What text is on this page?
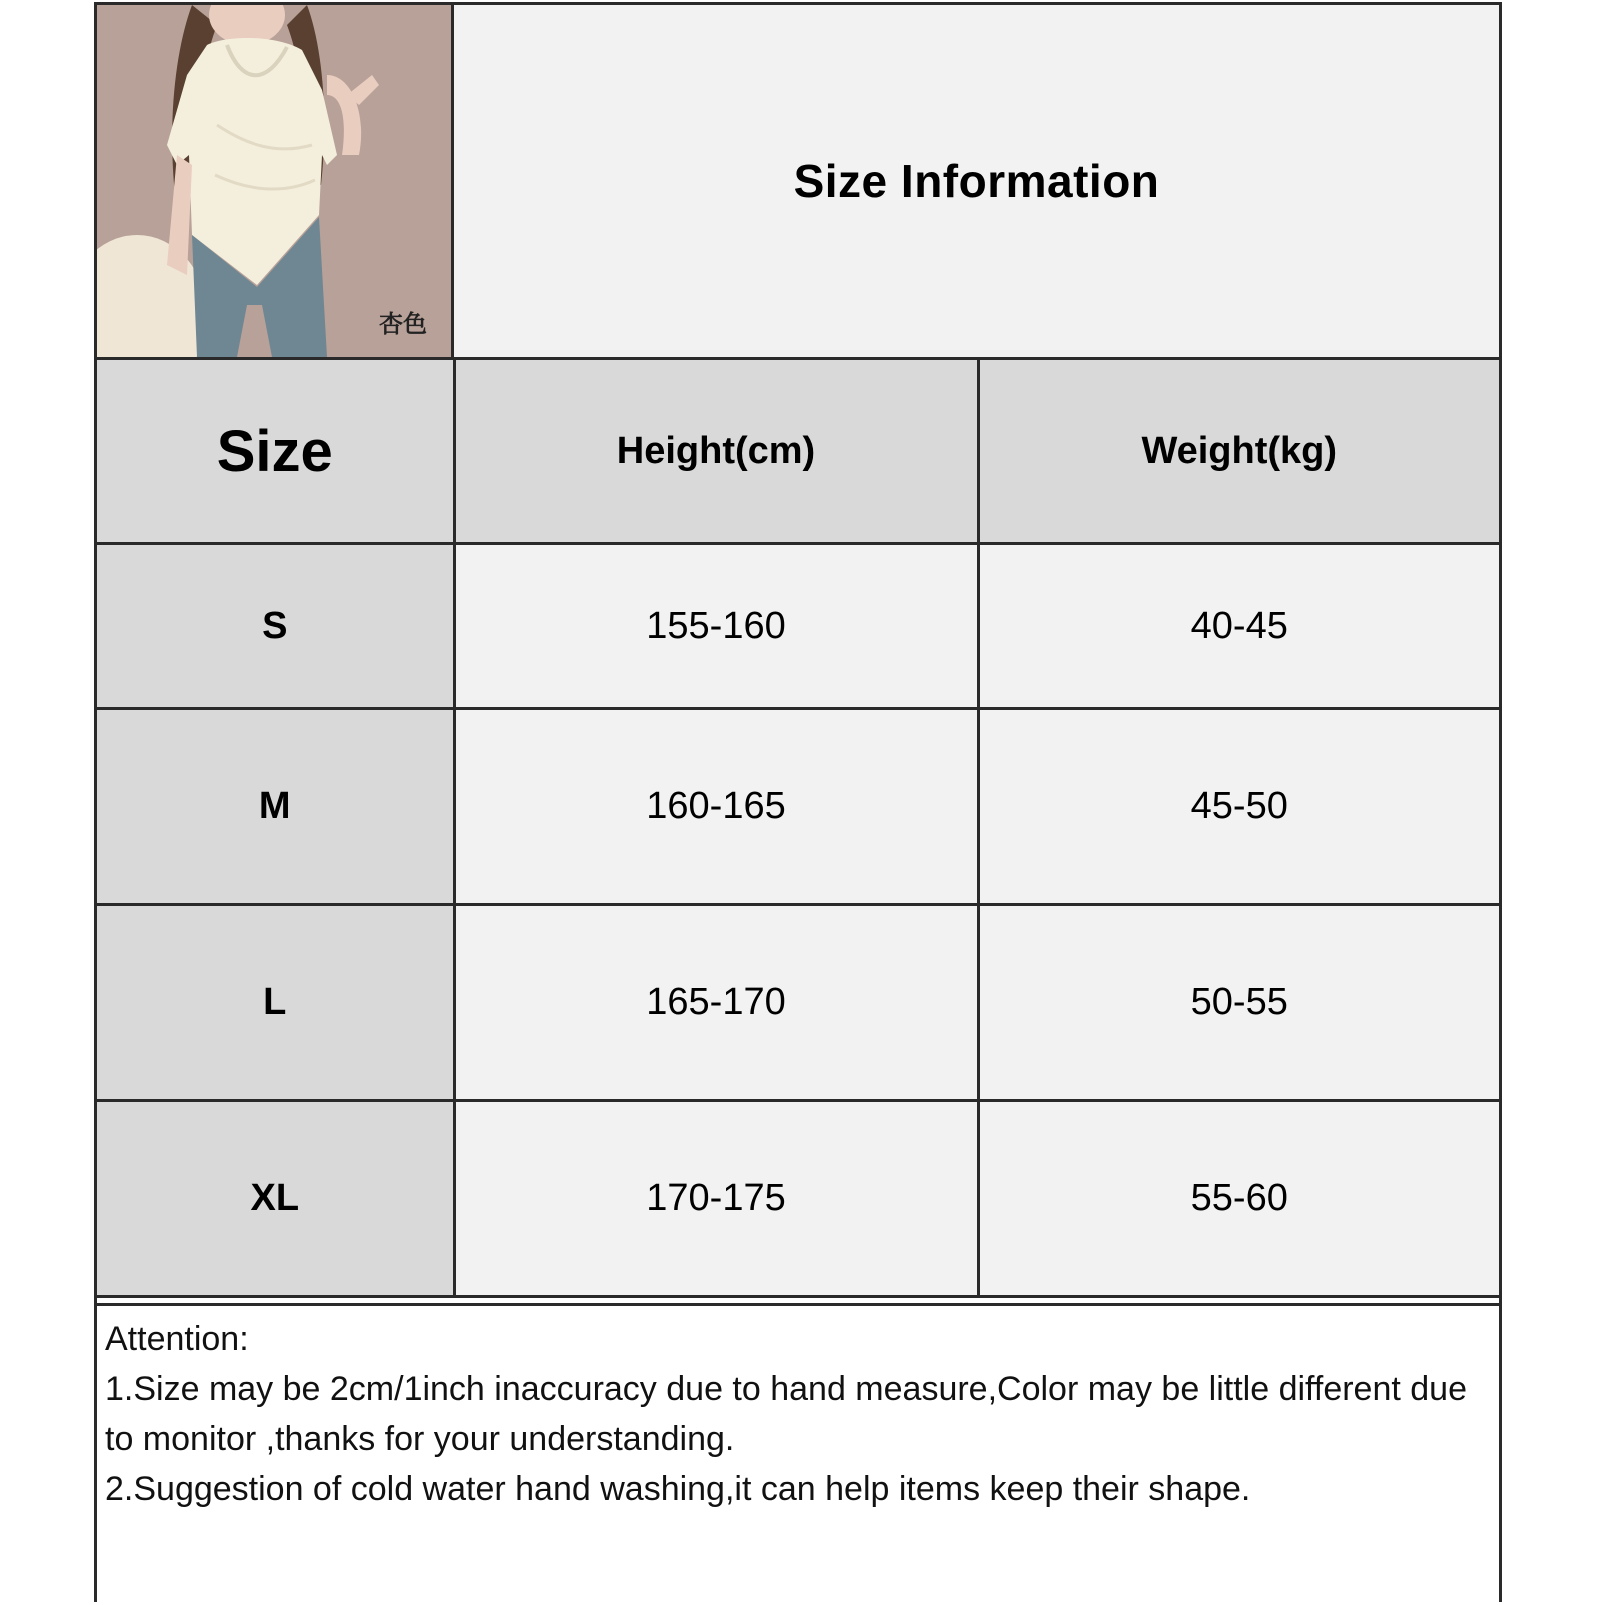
杏色
Size Information
Size	Height(cm)	Weight(kg)
S	155-160	40-45
M	160-165	45-50
L	165-170	50-55
XL	170-175	55-60
Attention:
1.Size may be 2cm/1inch inaccuracy due to hand measure,Color may be little different due to monitor ,thanks for your understanding.
2.Suggestion of cold water hand washing,it can help items keep their shape.
